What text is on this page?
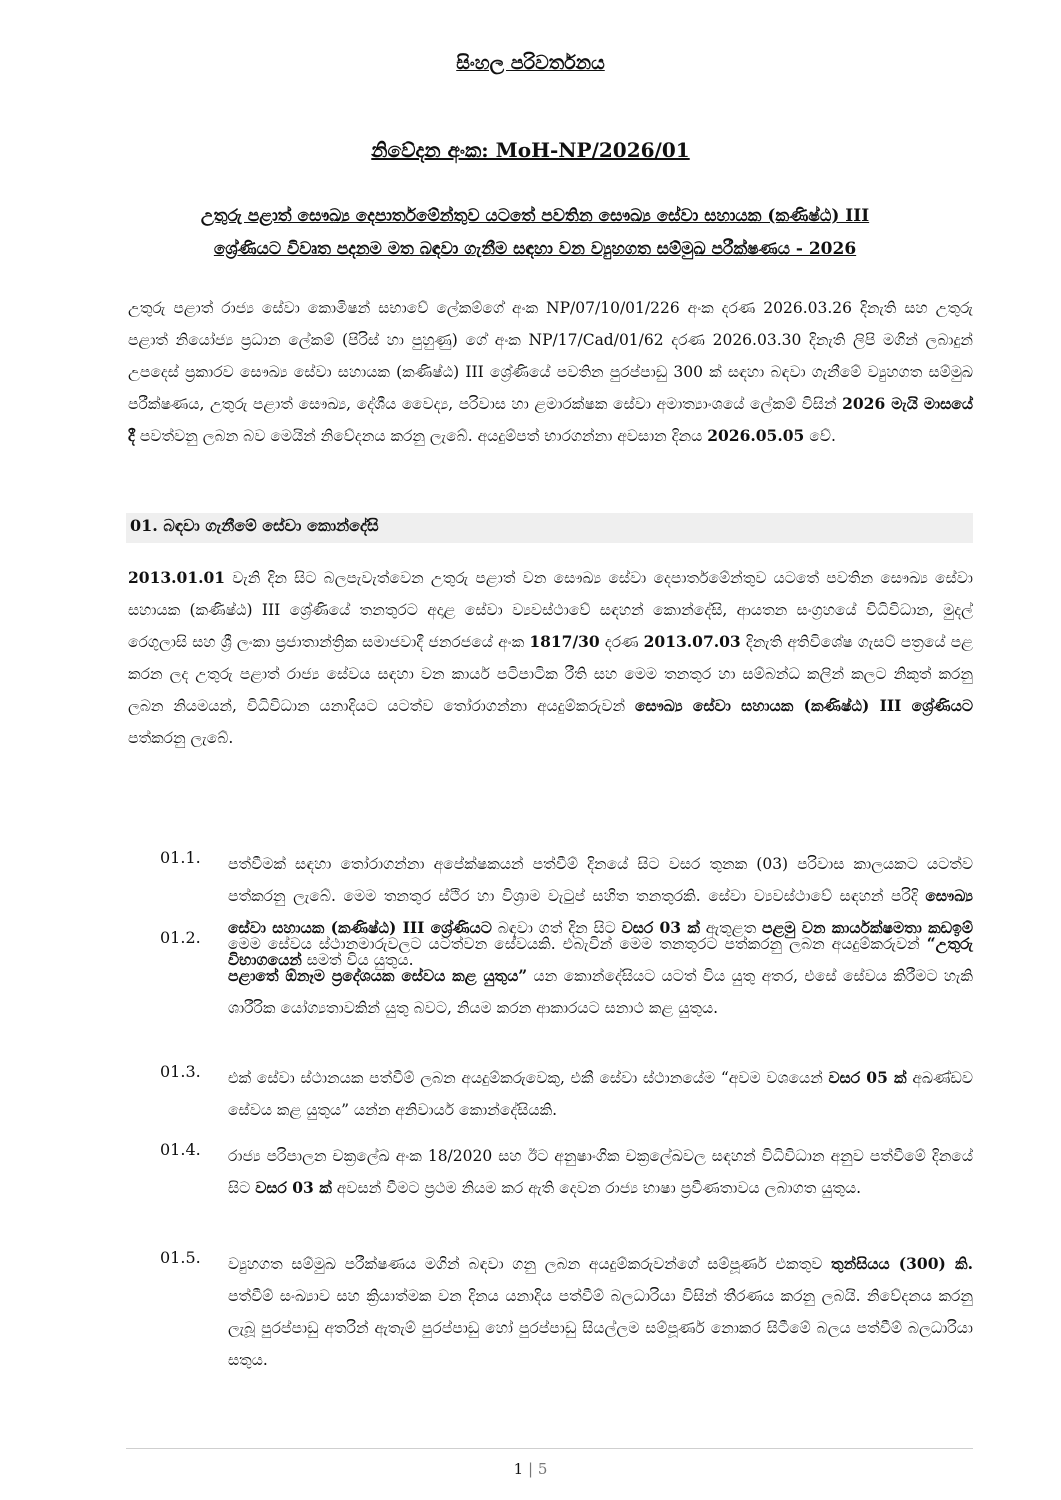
සිංහල පරිවර්තනය
නිවේදන අංක: MoH-NP/2026/01
උතුරු පළාත් සෞඛ්‍ය දෙපාර්තමේන්තුව යටතේ පවතින සෞඛ්‍ය සේවා සහායක (කණිෂ්ඨ) III
ශ්‍රේණියට විවෘත පදනම මත බඳවා ගැනීම සඳහා වන ව්‍යුහගත සම්මුඛ පරීක්ෂණය - 2026
උතුරු පළාත් රාජ්‍ය සේවා කොමිෂන් සභාවේ ලේකම්ගේ අංක NP/07/10/01/226 අංක දරණ 2026.03.26 දිනැති සහ උතුරු පළාත් නියෝජ්‍ය ප්‍රධාන ලේකම් (පිරිස් හා පුහුණු) ගේ අංක NP/17/Cad/01/62 දරණ 2026.03.30 දිනැති ලිපි මගින් ලබාදුන් උපදෙස් ප්‍රකාරව සෞඛ්‍ය සේවා සහායක (කණිෂ්ඨ) III ශ්‍රේණියේ පවතින පුරප්පාඩු 300 ක් සඳහා බඳවා ගැනීමේ ව්‍යුහගත සම්මුඛ පරීක්ෂණය, උතුරු පළාත් සෞඛ්‍ය, දේශීය වෛද්‍ය, පරිවාස හා ළමාරක්ෂක සේවා අමාත්‍යාංශයේ ලේකම් විසින් 2026 මැයි මාසයේ දී පවත්වනු ලබන බව මෙයින් නිවේදනය කරනු ලැබේ. අයදුම්පත් භාරගන්නා අවසාන දිනය 2026.05.05 වේ.
01. බඳවා ගැනීමේ සේවා කොන්දේසි
2013.01.01 වැනි දින සිට බලපැවැත්වෙන උතුරු පළාත් වන සෞඛ්‍ය සේවා දෙපාර්තමේන්තුව යටතේ පවතින සෞඛ්‍ය සේවා සහායක (කණිෂ්ඨ) III ශ්‍රේණියේ තනතුරට අදාළ සේවා ව්‍යවස්ථාවේ සඳහන් කොන්දේසි, ආයතන සංග්‍රහයේ විධිවිධාන, මුදල් රෙගුලාසි සහ ශ්‍රී ලංකා ප්‍රජාතාන්ත්‍රික සමාජවාදී ජනරජයේ අංක 1817/30 දරණ 2013.07.03 දිනැති අතිවිශේෂ ගැසට් පත්‍රයේ පළ කරන ලද උතුරු පළාත් රාජ්‍ය සේවය සඳහා වන කාර්ය පටිපාටික රීති සහ මෙම තනතුර හා සම්බන්ධ කලින් කලට නිකුත් කරනු ලබන නියමයන්, විධිවිධාන යනාදියට යටත්ව තෝරාගන්නා අයදුම්කරුවන් සෞඛ්‍ය සේවා සහායක (කණිෂ්ඨ) III ශ්‍රේණියට පත්කරනු ලැබේ.
01.1. පත්වීමක් සඳහා තෝරාගන්නා අපේක්ෂකයන් පත්වීම් දිනයේ සිට වසර තුනක (03) පරිවාස කාලයකට යටත්ව පත්කරනු ලැබේ. මෙම තනතුර ස්ථිර හා විශ්‍රාම වැටුප් සහිත තනතුරකි. සේවා ව්‍යවස්ථාවේ සඳහන් පරිදි සෞඛ්‍ය සේවා සහායක (කණිෂ්ඨ) III ශ්‍රේණියට බඳවා ගත් දින සිට වසර 03 ක් ඇතුළත පළමු වන කාර්යක්ෂමතා කඩඉම් විභාගයෙන් සමත් විය යුතුය.
01.2. මෙම සේවය ස්ථානමාරුවලට යටත්වන සේවයකි. එබැවින් මෙම තනතුරට පත්කරනු ලබන අයදුම්කරුවන් “උතුරු පළාතේ ඕනෑම ප්‍රදේශයක සේවය කළ යුතුය” යන කොන්දේසියට යටත් විය යුතු අතර, එසේ සේවය කිරීමට හැකි ශාරීරික යෝග්‍යතාවකින් යුතු බවට, නියම කරන ආකාරයට සනාථ කළ යුතුය.
01.3. එක් සේවා ස්ථානයක පත්වීම් ලබන අයදුම්කරුවෙකු, එකී සේවා ස්ථානයේම “අවම වශයෙන් වසර 05 ක් අඛණ්ඩව සේවය කළ යුතුය” යන්න අනිවාර්ය කොන්දේසියකි.
01.4. රාජ්‍ය පරිපාලන චක්‍රලේඛ අංක 18/2020 සහ ඊට අනුෂාංගික චක්‍රලේඛවල සඳහන් විධිවිධාන අනුව පත්වීමේ දිනයේ සිට වසර 03 ක් අවසන් වීමට ප්‍රථම නියම කර ඇති දෙවන රාජ්‍ය භාෂා ප්‍රවීණතාවය ලබාගත යුතුය.
01.5. ව්‍යුහගත සම්මුඛ පරීක්ෂණය මගින් බඳවා ගනු ලබන අයදුම්කරුවන්ගේ සම්පූර්ණ එකතුව තුන්සියය (300) කි. පත්වීම් සංඛ්‍යාව සහ ක්‍රියාත්මක වන දිනය යනාදිය පත්වීම් බලධාරියා විසින් තීරණය කරනු ලබයි. නිවේදනය කරනු ලැබූ පුරප්පාඩු අතරින් ඇතැම් පුරප්පාඩු හෝ පුරප්පාඩු සියල්ලම සම්පූර්ණ නොකර සිටීමේ බලය පත්වීම් බලධාරියා සතුය.
1 | 5
